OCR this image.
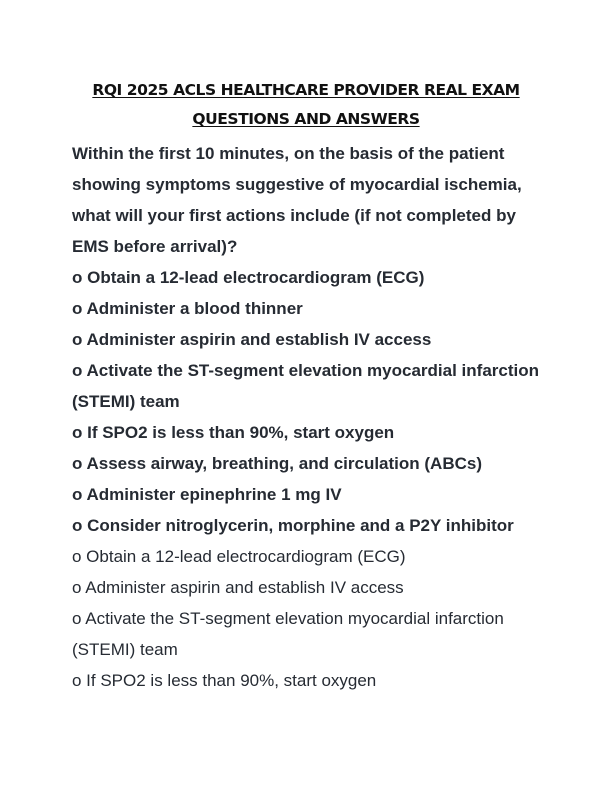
RQI 2025 ACLS HEALTHCARE PROVIDER REAL EXAM
QUESTIONS AND ANSWERS

Within the first 10 minutes, on the basis of the patient showing symptoms suggestive of myocardial ischemia, what will your first actions include (if not completed by EMS before arrival)?

o Obtain a 12-lead electrocardiogram (ECG)

o Administer a blood thinner

o Administer aspirin and establish IV access

o Activate the ST-segment elevation myocardial infarction (STEMI) team

o If SPO2 is less than 90%, start oxygen

o Assess airway, breathing, and circulation (ABCs)

o Administer epinephrine 1 mg IV

o Consider nitroglycerin, morphine and a P2Y inhibitor

o Obtain a 12-lead electrocardiogram (ECG)

o Administer aspirin and establish IV access

o Activate the ST-segment elevation myocardial infarction (STEMI) team

o If SPO2 is less than 90%, start oxygen
